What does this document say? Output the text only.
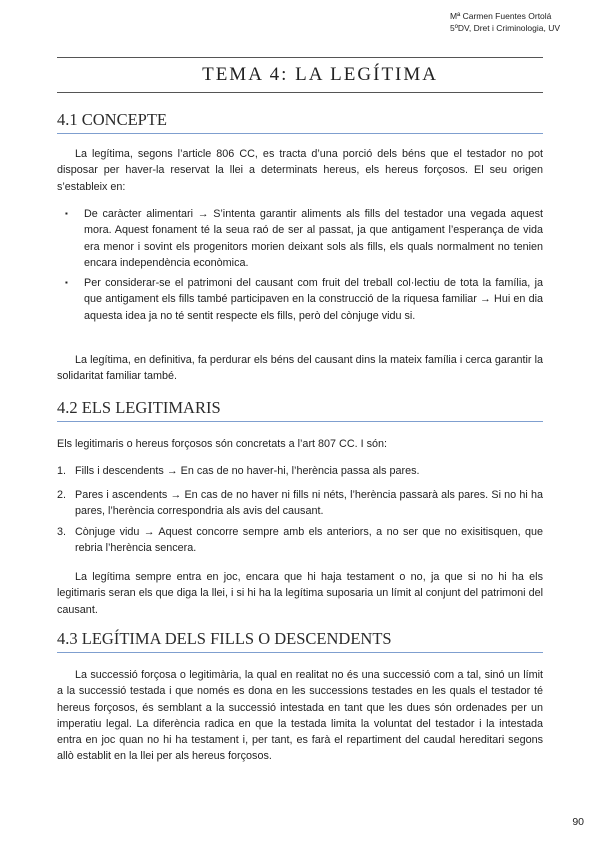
Mª Carmen Fuentes Ortolá
5ºDV, Dret i Criminologia, UV
TEMA 4: LA LEGÍTIMA
4.1 CONCEPTE

La legítima, segons l’article 806 CC, es tracta d’una porció dels béns que el testador no pot disposar per haver-la reservat la llei a determinats hereus, els hereus forçosos. El seu origen s’estableix en:

▪ De caràcter alimentari → S’intenta garantir aliments als fills del testador una vegada aquest mora. Aquest fonament té la seua raó de ser al passat, ja que antigament l’esperança de vida era menor i sovint els progenitors morien deixant sols als fills, els quals normalment no tenien encara independència econòmica.
▪ Per considerar-se el patrimoni del causant com fruit del treball col·lectiu de tota la família, ja que antigament els fills també participaven en la construcció de la riquesa familiar → Hui en dia aquesta idea ja no té sentit respecte els fills, però del cònjuge vidu si.

La legítima, en definitiva, fa perdurar els béns del causant dins la mateix família i cerca garantir la solidaritat familiar també.

4.2 ELS LEGITIMARIS

Els legitimaris o hereus forçosos són concretats a l’art 807 CC. I són:

1. Fills i descendents → En cas de no haver-hi, l’herència passa als pares.
2. Pares i ascendents → En cas de no haver ni fills ni néts, l’herència passarà als pares. Si no hi ha pares, l’herència correspondria als avis del causant.
3. Cònjuge vidu → Aquest concorre sempre amb els anteriors, a no ser que no exisitisquen, que rebria l’herència sencera.

La legítima sempre entra en joc, encara que hi haja testament o no, ja que si no hi ha els legitimaris seran els que diga la llei, i si hi ha la legítima suposaria un límit al conjunt del patrimoni del causant.

4.3 LEGÍTIMA DELS FILLS O DESCENDENTS

La successió forçosa o legitimària, la qual en realitat no és una successió com a tal, sinó un límit a la successió testada i que només es dona en les successions testades en les quals el testador té hereus forçosos, és semblant a la successió intestada en tant que les dues són ordenades per un imperatiu legal. La diferència radica en que la testada limita la voluntat del testador i la intestada entra en joc quan no hi ha testament i, per tant, es farà el repartiment del caudal hereditari segons allò establit en la llei per als hereus forçosos.

90
